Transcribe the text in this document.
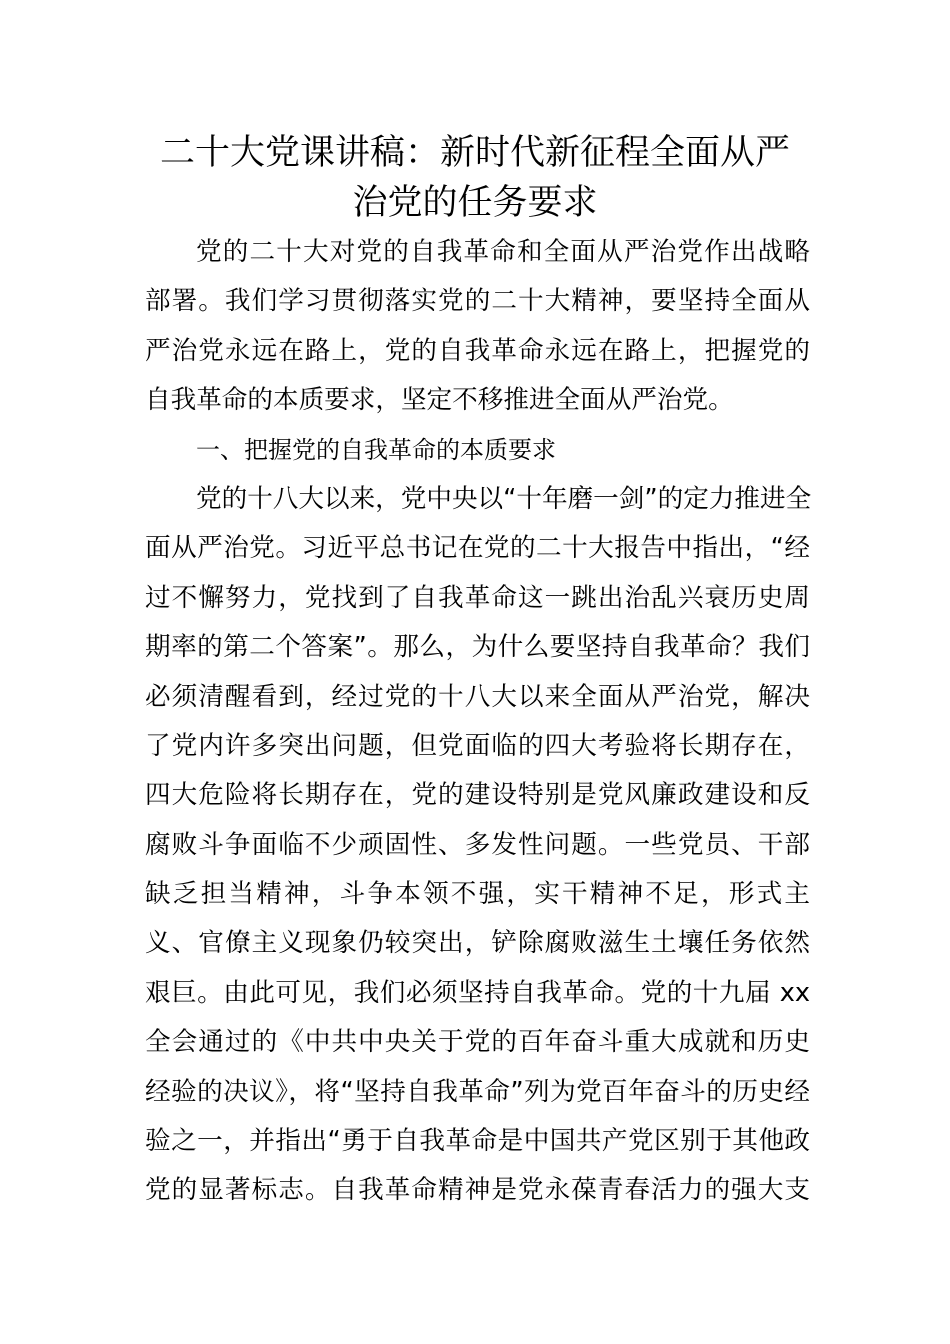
二十大党课讲稿：新时代新征程全面从严
治党的任务要求
党的二十大对党的自我革命和全面从严治党作出战略
部署。我们学习贯彻落实党的二十大精神，要坚持全面从
严治党永远在路上，党的自我革命永远在路上，把握党的
自我革命的本质要求，坚定不移推进全面从严治党。
一、把握党的自我革命的本质要求
党的十八大以来，党中央以“十年磨一剑”的定力推进全
面从严治党。习近平总书记在党的二十大报告中指出，“经
过不懈努力，党找到了自我革命这一跳出治乱兴衰历史周
期率的第二个答案”。那么，为什么要坚持自我革命？我们
必须清醒看到，经过党的十八大以来全面从严治党，解决
了党内许多突出问题，但党面临的四大考验将长期存在，
四大危险将长期存在，党的建设特别是党风廉政建设和反
腐败斗争面临不少顽固性、多发性问题。一些党员、干部
缺乏担当精神，斗争本领不强，实干精神不足，形式主
义、官僚主义现象仍较突出，铲除腐败滋生土壤任务依然
艰巨。由此可见，我们必须坚持自我革命。党的十九届 xx
全会通过的《中共中央关于党的百年奋斗重大成就和历史
经验的决议》，将“坚持自我革命”列为党百年奋斗的历史经
验之一，并指出“勇于自我革命是中国共产党区别于其他政
党的显著标志。自我革命精神是党永葆青春活力的强大支
